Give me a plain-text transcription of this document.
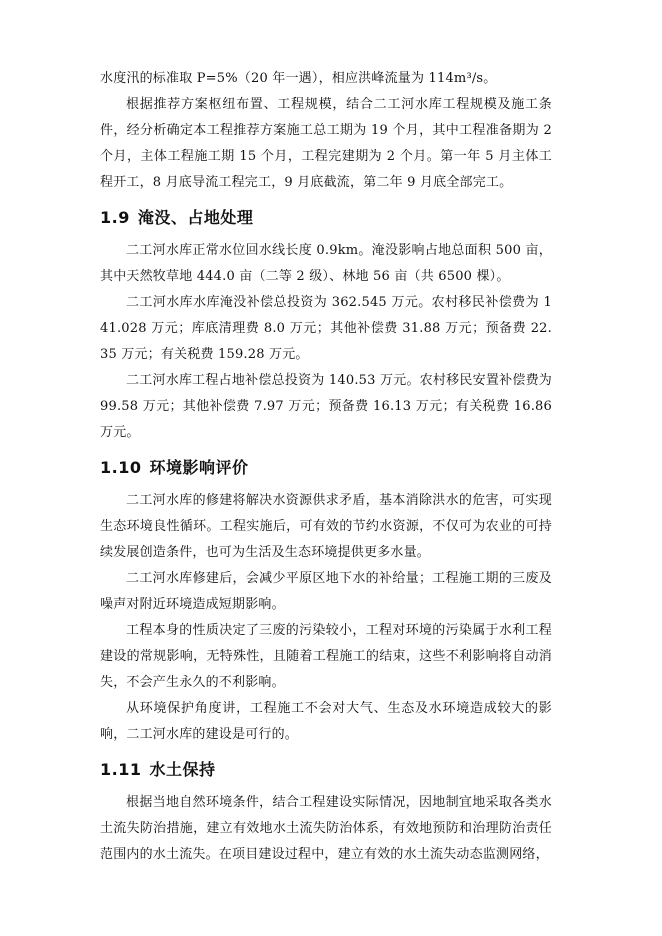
水度汛的标准取 P=5%（20 年一遇），相应洪峰流量为 114m³/s。

根据推荐方案枢纽布置、工程规模，结合二工河水库工程规模及施工条件，经分析确定本工程推荐方案施工总工期为 19 个月，其中工程准备期为 2 个月，主体工程施工期 15 个月，工程完建期为 2 个月。第一年 5 月主体工程开工，8 月底导流工程完工，9 月底截流，第二年 9 月底全部完工。

1.9 淹没、占地处理

二工河水库正常水位回水线长度 0.9km。淹没影响占地总面积 500 亩，其中天然牧草地 444.0 亩（二等 2 级）、林地 56 亩（共 6500 棵）。

二工河水库水库淹没补偿总投资为 362.545 万元。农村移民补偿费为 141.028 万元；库底清理费 8.0 万元；其他补偿费 31.88 万元；预备费 22.35 万元；有关税费 159.28 万元。

二工河水库工程占地补偿总投资为 140.53 万元。农村移民安置补偿费为 99.58 万元；其他补偿费 7.97 万元；预备费 16.13 万元；有关税费 16.86 万元。

1.10 环境影响评价

二工河水库的修建将解决水资源供求矛盾，基本消除洪水的危害，可实现生态环境良性循环。工程实施后，可有效的节约水资源，不仅可为农业的可持续发展创造条件，也可为生活及生态环境提供更多水量。

二工河水库修建后，会减少平原区地下水的补给量；工程施工期的三废及噪声对附近环境造成短期影响。

工程本身的性质决定了三废的污染较小，工程对环境的污染属于水利工程建设的常规影响，无特殊性，且随着工程施工的结束，这些不利影响将自动消失，不会产生永久的不利影响。

从环境保护角度讲，工程施工不会对大气、生态及水环境造成较大的影响，二工河水库的建设是可行的。

1.11 水土保持

根据当地自然环境条件，结合工程建设实际情况，因地制宜地采取各类水土流失防治措施，建立有效地水土流失防治体系，有效地预防和治理防治责任范围内的水土流失。在项目建设过程中，建立有效的水土流失动态监测网络，
